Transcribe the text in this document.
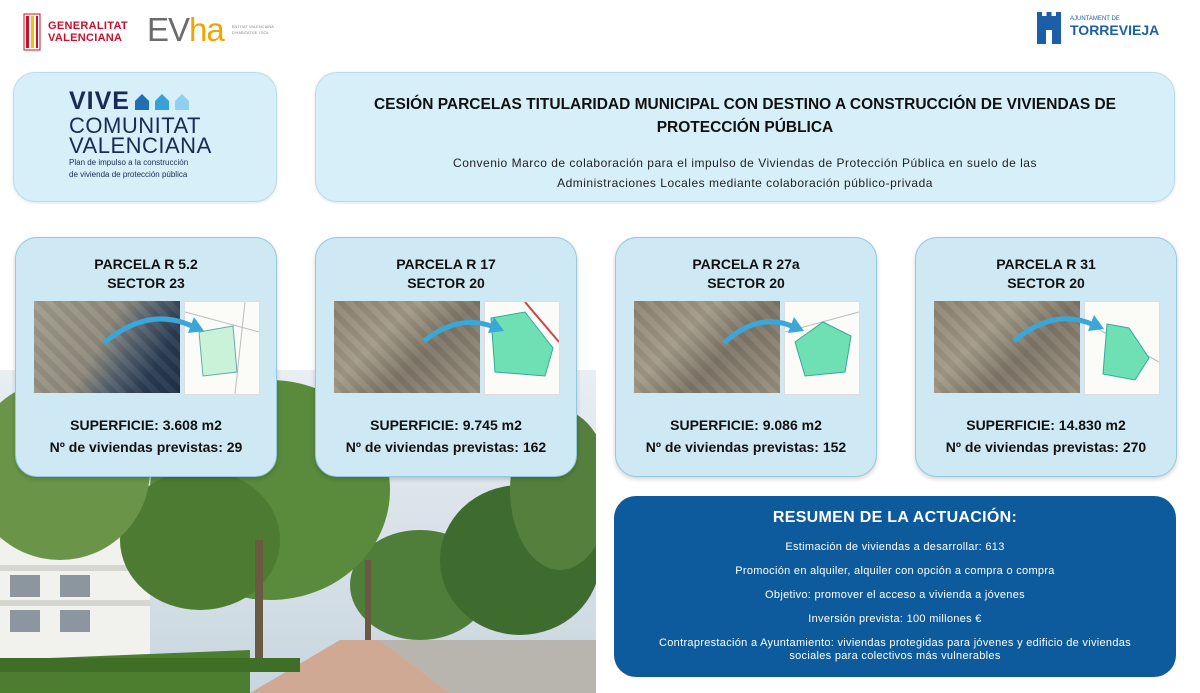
GENERALITAT
VALENCIANA EVha ENTITAT VALENCIANA D'HABITATGE I SÒL
AJUNTAMENT DE
TORREVIEJA
VIVE
COMUNITAT
VALENCIANA
Plan de impulso a la construcción
de vivienda de protección pública
CESIÓN PARCELAS TITULARIDAD MUNICIPAL CON DESTINO A CONSTRUCCIÓN DE VIVIENDAS DE PROTECCIÓN PÚBLICA
Convenio Marco de colaboración para el impulso de Viviendas de Protección Pública en suelo de las Administraciones Locales mediante colaboración público-privada
PARCELA R 5.2
SECTOR 23
SUPERFICIE: 3.608 m2
Nº de viviendas previstas: 29
PARCELA R 17
SECTOR 20
SUPERFICIE: 9.745 m2
Nº de viviendas previstas: 162
PARCELA R 27a
SECTOR 20
SUPERFICIE: 9.086 m2
Nº de viviendas previstas: 152
PARCELA R 31
SECTOR 20
SUPERFICIE: 14.830 m2
Nº de viviendas previstas: 270
RESUMEN DE LA ACTUACIÓN:
Estimación de viviendas a desarrollar: 613
Promoción en alquiler, alquiler con opción a compra o compra
Objetivo: promover el acceso a vivienda a jóvenes
Inversión prevista: 100 millones €
Contraprestación a Ayuntamiento: viviendas protegidas para jóvenes y edificio de viviendas sociales para colectivos más vulnerables
